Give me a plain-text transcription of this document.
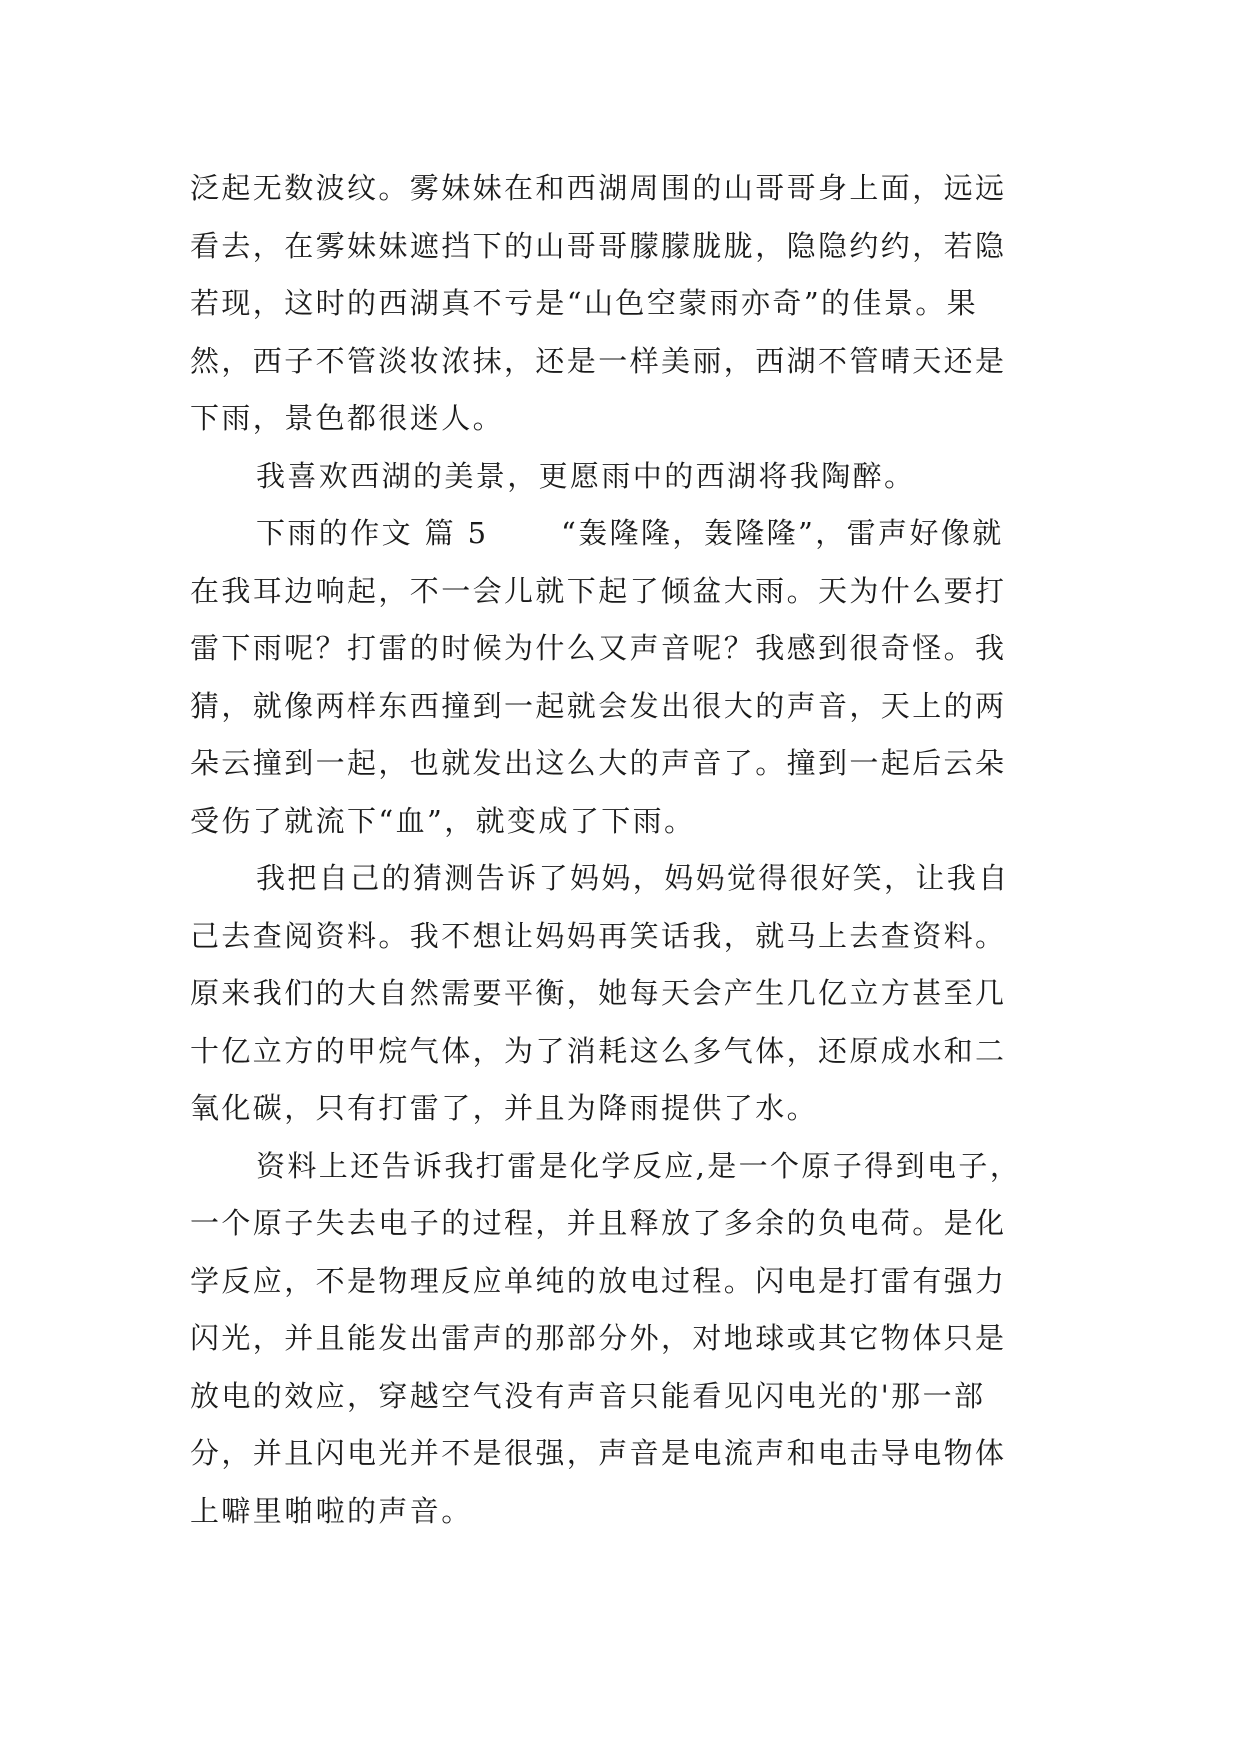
泛起无数波纹。雾妹妹在和西湖周围的山哥哥身上面，远远
看去，在雾妹妹遮挡下的山哥哥朦朦胧胧，隐隐约约，若隐
若现，这时的西湖真不亏是“山色空蒙雨亦奇”的佳景。果
然，西子不管淡妆浓抹，还是一样美丽，西湖不管晴天还是
下雨，景色都很迷人。
我喜欢西湖的美景，更愿雨中的西湖将我陶醉。
下雨的作文 篇 5	“轰隆隆，轰隆隆”，雷声好像就
在我耳边响起，不一会儿就下起了倾盆大雨。天为什么要打
雷下雨呢？打雷的时候为什么又声音呢？我感到很奇怪。我
猜，就像两样东西撞到一起就会发出很大的声音，天上的两
朵云撞到一起，也就发出这么大的声音了。撞到一起后云朵
受伤了就流下“血”，就变成了下雨。
我把自己的猜测告诉了妈妈，妈妈觉得很好笑，让我自
己去查阅资料。我不想让妈妈再笑话我，就马上去查资料。
原来我们的大自然需要平衡，她每天会产生几亿立方甚至几
十亿立方的甲烷气体，为了消耗这么多气体，还原成水和二
氧化碳，只有打雷了，并且为降雨提供了水。
资料上还告诉我打雷是化学反应,是一个原子得到电子，
一个原子失去电子的过程，并且释放了多余的负电荷。是化
学反应，不是物理反应单纯的放电过程。闪电是打雷有强力
闪光，并且能发出雷声的那部分外，对地球或其它物体只是
放电的效应，穿越空气没有声音只能看见闪电光的'那一部
分，并且闪电光并不是很强，声音是电流声和电击导电物体
上噼里啪啦的声音。
